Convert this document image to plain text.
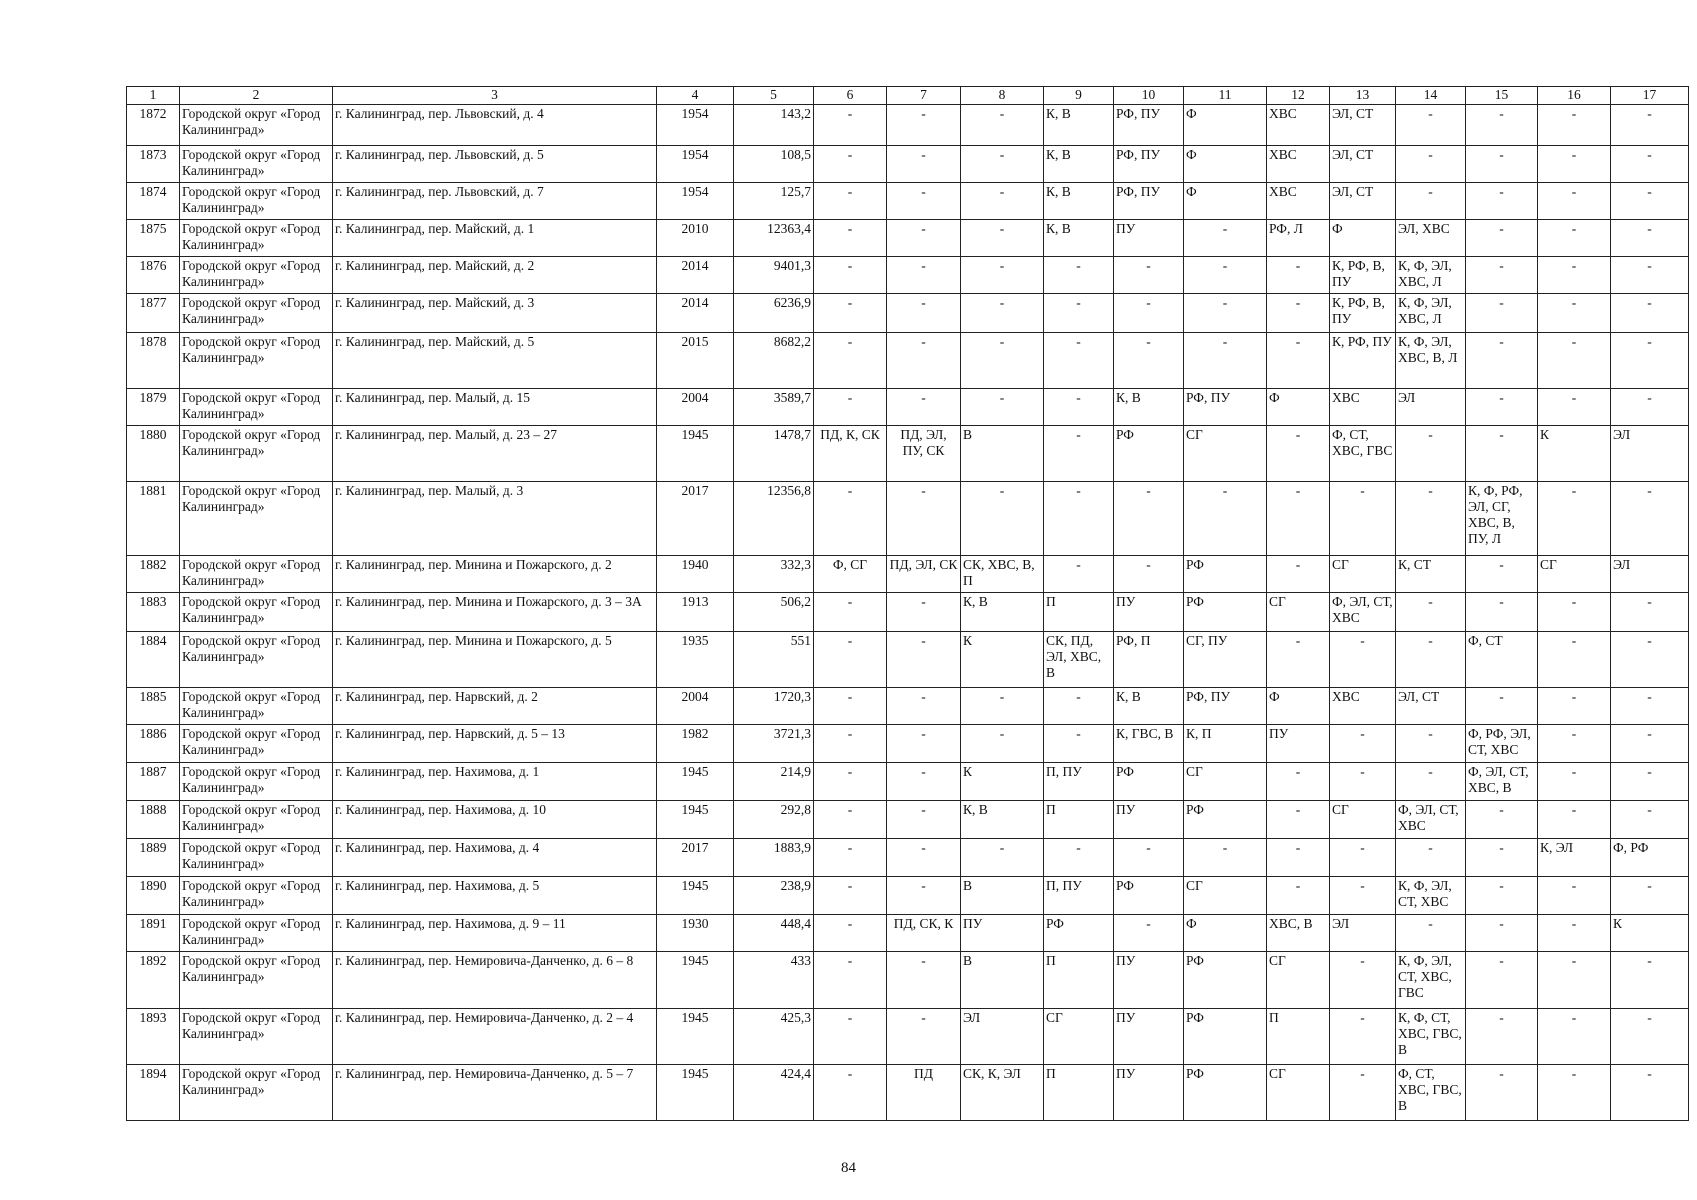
1	2	3	4	5	6	7	8	9	10	11	12	13	14	15	16	17
1872	Городской округ «Город Калининград»	г. Калининград, пер. Львовский, д. 4	1954	143,2	-	-	-	К, В	РФ, ПУ	Ф	ХВС	ЭЛ, СТ	-	-	-	-
1873	Городской округ «Город Калининград»	г. Калининград, пер. Львовский, д. 5	1954	108,5	-	-	-	К, В	РФ, ПУ	Ф	ХВС	ЭЛ, СТ	-	-	-	-
1874	Городской округ «Город Калининград»	г. Калининград, пер. Львовский, д. 7	1954	125,7	-	-	-	К, В	РФ, ПУ	Ф	ХВС	ЭЛ, СТ	-	-	-	-
1875	Городской округ «Город Калининград»	г. Калининград, пер. Майский, д. 1	2010	12363,4	-	-	-	К, В	ПУ	-	РФ, Л	Ф	ЭЛ, ХВС	-	-	-
1876	Городской округ «Город Калининград»	г. Калининград, пер. Майский, д. 2	2014	9401,3	-	-	-	-	-	-	-	К, РФ, В, ПУ	К, Ф, ЭЛ, ХВС, Л	-	-	-
1877	Городской округ «Город Калининград»	г. Калининград, пер. Майский, д. 3	2014	6236,9	-	-	-	-	-	-	-	К, РФ, В, ПУ	К, Ф, ЭЛ, ХВС, Л	-	-	-
1878	Городской округ «Город Калининград»	г. Калининград, пер. Майский, д. 5	2015	8682,2	-	-	-	-	-	-	-	К, РФ, ПУ	К, Ф, ЭЛ, ХВС, В, Л	-	-	-
1879	Городской округ «Город Калининград»	г. Калининград, пер. Малый, д. 15	2004	3589,7	-	-	-	-	К, В	РФ, ПУ	Ф	ХВС	ЭЛ	-	-	-
1880	Городской округ «Город Калининград»	г. Калининград, пер. Малый, д. 23 – 27	1945	1478,7	ПД, К, СК	ПД, ЭЛ, ПУ, СК	В	-	РФ	СГ	-	Ф, СТ, ХВС, ГВС	-	-	К	ЭЛ
1881	Городской округ «Город Калининград»	г. Калининград, пер. Малый, д. 3	2017	12356,8	-	-	-	-	-	-	-	-	-	К, Ф, РФ, ЭЛ, СГ, ХВС, В, ПУ, Л	-	-
1882	Городской округ «Город Калининград»	г. Калининград, пер. Минина и Пожарского, д. 2	1940	332,3	Ф, СГ	ПД, ЭЛ, СК	СК, ХВС, В, П	-	-	РФ	-	СГ	К, СТ	-	СГ	ЭЛ
1883	Городской округ «Город Калининград»	г. Калининград, пер. Минина и Пожарского, д. 3 – 3А	1913	506,2	-	-	К, В	П	ПУ	РФ	СГ	Ф, ЭЛ, СТ, ХВС	-	-	-	-
1884	Городской округ «Город Калининград»	г. Калининград, пер. Минина и Пожарского, д. 5	1935	551	-	-	К	СК, ПД, ЭЛ, ХВС, В	РФ, П	СГ, ПУ	-	-	-	Ф, СТ	-	-
1885	Городской округ «Город Калининград»	г. Калининград, пер. Нарвский, д. 2	2004	1720,3	-	-	-	-	К, В	РФ, ПУ	Ф	ХВС	ЭЛ, СТ	-	-	-
1886	Городской округ «Город Калининград»	г. Калининград, пер. Нарвский, д. 5 – 13	1982	3721,3	-	-	-	-	К, ГВС, В	К, П	ПУ	-	-	Ф, РФ, ЭЛ, СТ, ХВС	-	-
1887	Городской округ «Город Калининград»	г. Калининград, пер. Нахимова, д. 1	1945	214,9	-	-	К	П, ПУ	РФ	СГ	-	-	-	Ф, ЭЛ, СТ, ХВС, В	-	-
1888	Городской округ «Город Калининград»	г. Калининград, пер. Нахимова, д. 10	1945	292,8	-	-	К, В	П	ПУ	РФ	-	СГ	Ф, ЭЛ, СТ, ХВС	-	-	-
1889	Городской округ «Город Калининград»	г. Калининград, пер. Нахимова, д. 4	2017	1883,9	-	-	-	-	-	-	-	-	-	-	К, ЭЛ	Ф, РФ
1890	Городской округ «Город Калининград»	г. Калининград, пер. Нахимова, д. 5	1945	238,9	-	-	В	П, ПУ	РФ	СГ	-	-	К, Ф, ЭЛ, СТ, ХВС	-	-	-
1891	Городской округ «Город Калининград»	г. Калининград, пер. Нахимова, д. 9 – 11	1930	448,4	-	ПД, СК, К	ПУ	РФ	-	Ф	ХВС, В	ЭЛ	-	-	-	К
1892	Городской округ «Город Калининград»	г. Калининград, пер. Немировича-Данченко, д. 6 – 8	1945	433	-	-	В	П	ПУ	РФ	СГ	-	К, Ф, ЭЛ, СТ, ХВС, ГВС	-	-	-
1893	Городской округ «Город Калининград»	г. Калининград, пер. Немировича-Данченко, д. 2 – 4	1945	425,3	-	-	ЭЛ	СГ	ПУ	РФ	П	-	К, Ф, СТ, ХВС, ГВС, В	-	-	-
1894	Городской округ «Город Калининград»	г. Калининград, пер. Немировича-Данченко, д. 5 – 7	1945	424,4	-	ПД	СК, К, ЭЛ	П	ПУ	РФ	СГ	-	Ф, СТ, ХВС, ГВС, В	-	-	-
84
